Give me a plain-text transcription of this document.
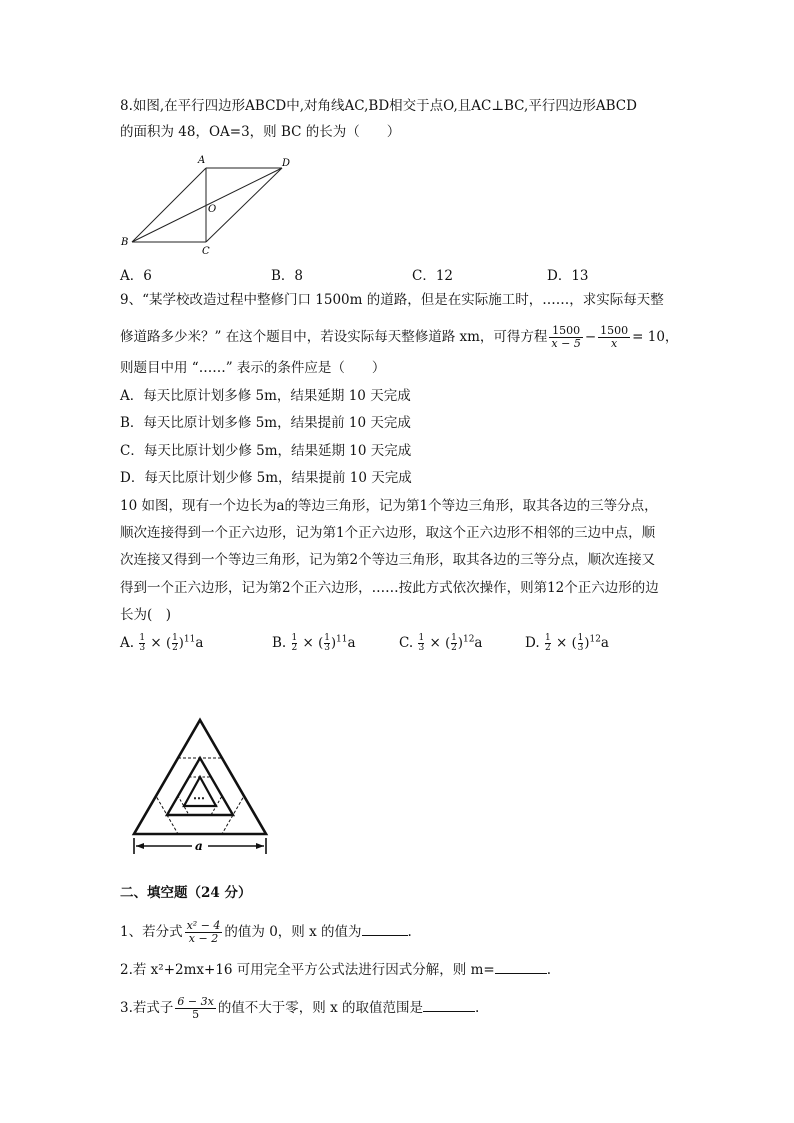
8.如图,在平行四边形ABCD中,对角线AC,BD相交于点O,且AC⊥BC,平行四边形ABCD
的面积为 48，OA=3，则 BC 的长为（　　）
A	D
O
B
C
A．6	B．8	C．12	D．13
9、“某学校改造过程中整修门口 1500m 的道路，但是在实际施工时，……，求实际每天整
修道路多少米？” 在这个题目中，若设实际每天整修道路 xm，可得方程 $\frac{1500}{x - 5} - \frac{1500}{x} = 10$，
则题目中用 “……” 表示的条件应是（　　）
A．每天比原计划多修 5m，结果延期 10 天完成
B．每天比原计划多修 5m，结果提前 10 天完成
C．每天比原计划少修 5m，结果延期 10 天完成
D．每天比原计划少修 5m，结果提前 10 天完成
10 如图，现有一个边长为a的等边三角形，记为第1个等边三角形，取其各边的三等分点，
顺次连接得到一个正六边形，记为第1个正六边形，取这个正六边形不相邻的三边中点，顺
次连接又得到一个等边三角形，记为第2个等边三角形，取其各边的三等分点，顺次连接又
得到一个正六边形，记为第2个正六边形，……按此方式依次操作，则第12个正六边形的边
长为(　)
A. $\frac{1}{3}$ × ( $\frac{1}{2} )^{11}a$	B. $\frac{1}{2}$ × ( $\frac{1}{3} )^{11}a$	C. $\frac{1}{3}$ × ( $\frac{1}{2} )^{12}a$	D. $\frac{1}{2}$ × ( $\frac{1}{3} )^{12}a$
⋯
a
二、填空题（24 分）
1、若分式 $\frac{\text{x² − 4}}{x - 2}$ 的值为 0，则 x 的值为	.
2.若 x²+2mx+16 可用完全平方公式法进行因式分解，则 m=	.
3.若式子 $\frac{6 - 3x}{5}$ 的值不大于零，则 x 的取值范围是	.
